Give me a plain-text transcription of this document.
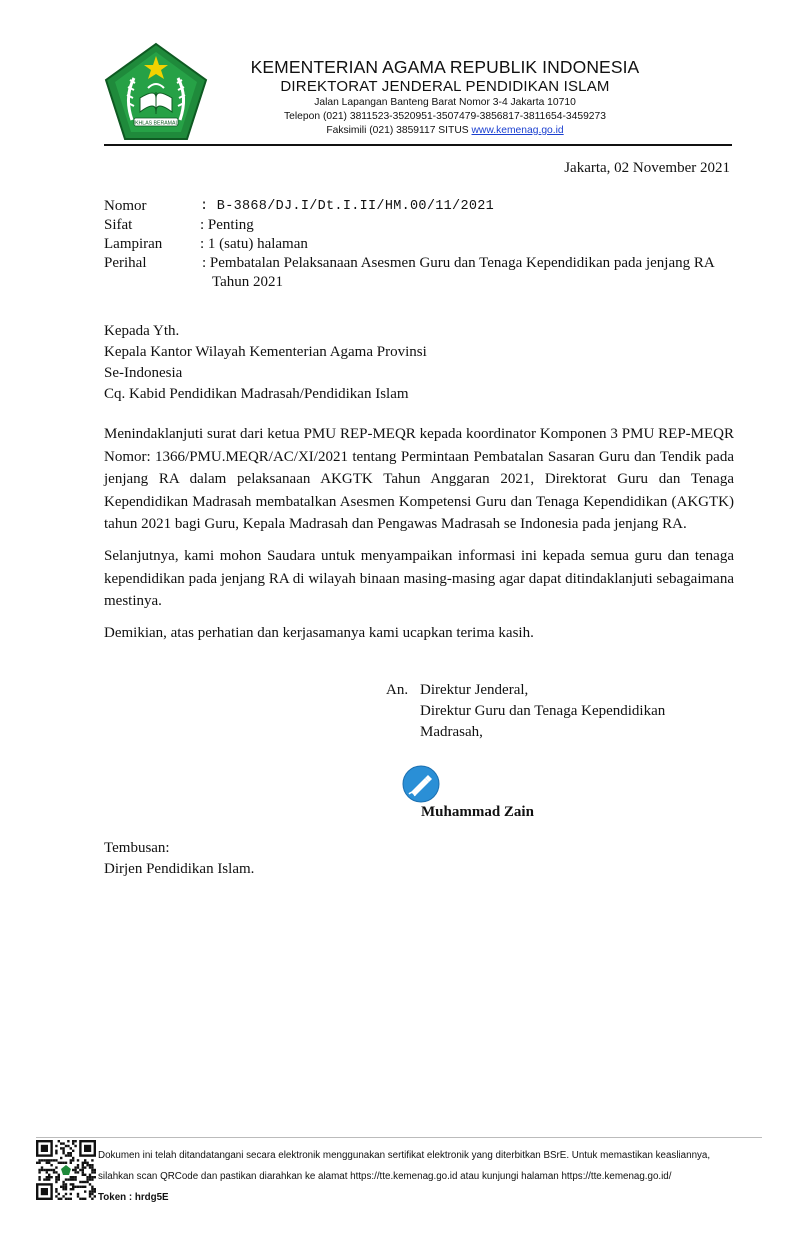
IKHLAS BERAMAL
KEMENTERIAN AGAMA REPUBLIK INDONESIA
DIREKTORAT JENDERAL PENDIDIKAN ISLAM
Jalan Lapangan Banteng Barat Nomor 3-4 Jakarta 10710
Telepon (021) 3811523-3520951-3507479-3856817-3811654-3459273
Faksimili (021) 3859117 SITUS www.kemenag.go.id
Jakarta, 02 November 2021
Nomor	: B-3868/DJ.I/Dt.I.II/HM.00/11/2021
Sifat	: Penting
Lampiran	: 1 (satu) halaman
Perihal	: Pembatalan Pelaksanaan Asesmen Guru dan Tenaga Kependidikan pada jenjang RA Tahun 2021
Kepada Yth.
Kepala Kantor Wilayah Kementerian Agama Provinsi
Se-Indonesia
Cq. Kabid Pendidikan Madrasah/Pendidikan Islam

Menindaklanjuti surat dari ketua PMU REP-MEQR kepada koordinator Komponen 3 PMU REP-MEQR Nomor: 1366/PMU.MEQR/AC/XI/2021 tentang Permintaan Pembatalan Sasaran Guru dan Tendik pada jenjang RA dalam pelaksanaan AKGTK Tahun Anggaran 2021, Direktorat Guru dan Tenaga Kependidikan Madrasah membatalkan Asesmen Kompetensi Guru dan Tenaga Kependidikan (AKGTK) tahun 2021 bagi Guru, Kepala Madrasah dan Pengawas Madrasah se Indonesia pada jenjang RA.

Selanjutnya, kami mohon Saudara untuk menyampaikan informasi ini kepada semua guru dan tenaga kependidikan pada jenjang RA di wilayah binaan masing-masing agar dapat ditindaklanjuti sebagaimana mestinya.

Demikian, atas perhatian dan kerjasamanya kami ucapkan terima kasih.

An. Direktur Jenderal,
Direktur Guru dan Tenaga Kependidikan
Madrasah,
Muhammad Zain
Tembusan:
Dirjen Pendidikan Islam.
Dokumen ini telah ditandatangani secara elektronik menggunakan sertifikat elektronik yang diterbitkan BSrE. Untuk memastikan keasliannya,
silahkan scan QRCode dan pastikan diarahkan ke alamat https://tte.kemenag.go.id atau kunjungi halaman https://tte.kemenag.go.id/
Token : hrdg5E
